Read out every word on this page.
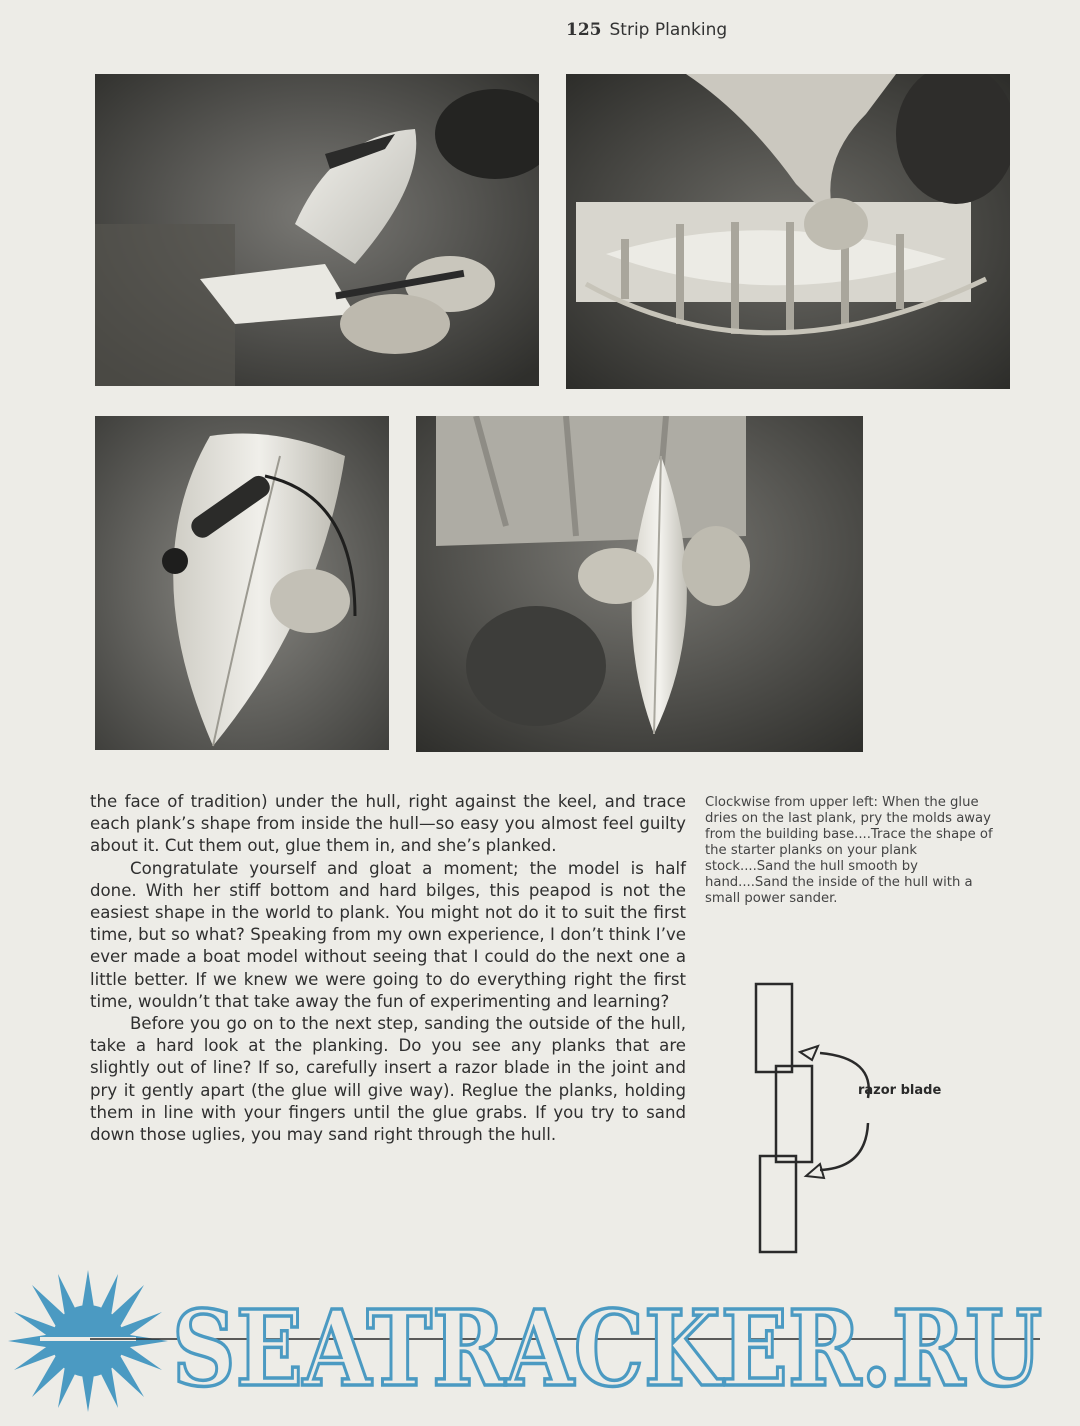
125 Strip Planking

the face of tradition) under the hull, right against the keel, and trace each plank’s shape from inside the hull—so easy you almost feel guilty about it. Cut them out, glue them in, and she’s planked.

Congratulate yourself and gloat a moment; the model is half done. With her stiff bottom and hard bilges, this peapod is not the easiest shape in the world to plank. You might not do it to suit the first time, but so what? Speaking from my own experience, I don’t think I’ve ever made a boat model without seeing that I could do the next one a little better. If we knew we were going to do everything right the first time, wouldn’t that take away the fun of experimenting and learning?

Before you go on to the next step, sanding the outside of the hull, take a hard look at the planking. Do you see any planks that are slightly out of line? If so, carefully insert a razor blade in the joint and pry it gently apart (the glue will give way). Reglue the planks, holding them in line with your fingers until the glue grabs. If you try to sand down those uglies, you may sand right through the hull.

Clockwise from upper left: When the glue dries on the last plank, pry the molds away from the building base....Trace the shape of the starter planks on your plank stock....Sand the hull smooth by hand....Sand the inside of the hull with a small power sander.
razor blade
SEATRACKER.RU
